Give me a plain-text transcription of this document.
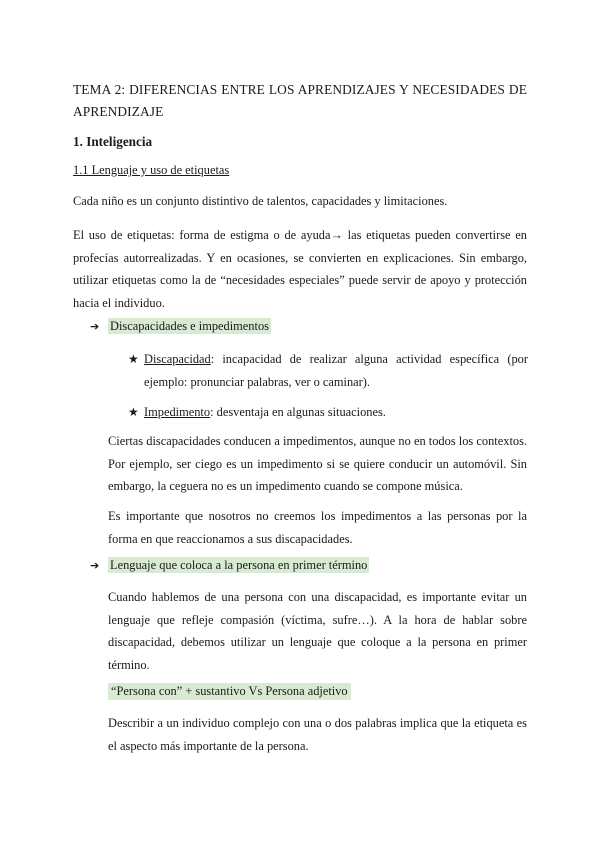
TEMA 2: DIFERENCIAS ENTRE LOS APRENDIZAJES Y NECESIDADES DE APRENDIZAJE

1. Inteligencia

1.1 Lenguaje y uso de etiquetas

Cada niño es un conjunto distintivo de talentos, capacidades y limitaciones.

El uso de etiquetas: forma de estigma o de ayuda→ las etiquetas pueden convertirse en profecías autorrealizadas. Y en ocasiones, se convierten en explicaciones. Sin embargo, utilizar etiquetas como la de “necesidades especiales” puede servir de apoyo y protección hacia el individuo.

➔ Discapacidades e impedimentos
★ Discapacidad: incapacidad de realizar alguna actividad específica (por ejemplo: pronunciar palabras, ver o caminar).
★ Impedimento: desventaja en algunas situaciones.

Ciertas discapacidades conducen a impedimentos, aunque no en todos los contextos. Por ejemplo, ser ciego es un impedimento si se quiere conducir un automóvil. Sin embargo, la ceguera no es un impedimento cuando se compone música.

Es importante que nosotros no creemos los impedimentos a las personas por la forma en que reaccionamos a sus discapacidades.

➔ Lenguaje que coloca a la persona en primer término

Cuando hablemos de una persona con una discapacidad, es importante evitar un lenguaje que refleje compasión (víctima, sufre…). A la hora de hablar sobre discapacidad, debemos utilizar un lenguaje que coloque a la persona en primer término.

“Persona con” + sustantivo Vs Persona adjetivo

Describir a un individuo complejo con una o dos palabras implica que la etiqueta es el aspecto más importante de la persona.
